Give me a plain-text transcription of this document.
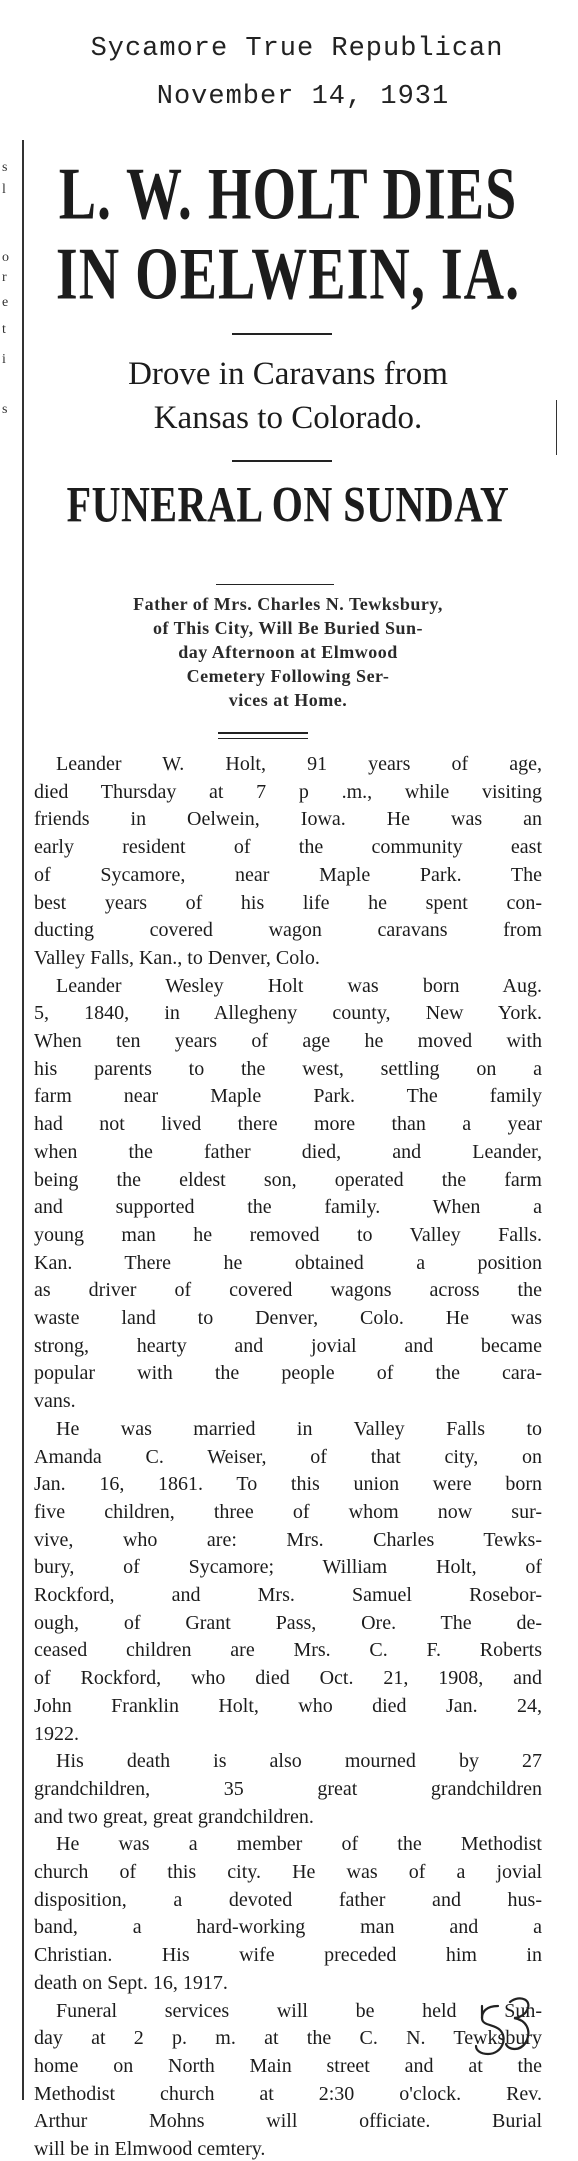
Sycamore True Republican
November 14, 1931
s
l
o
r
e
t
i
s
L. W. HOLT DIES
IN OELWEIN, IA.
Drove in Caravans from
Kansas to Colorado.
FUNERAL ON SUNDAY
Father of Mrs. Charles N. Tewksbury,
of This City, Will Be Buried Sun-
day Afternoon at Elmwood
Cemetery Following Ser-
vices at Home.
Leander W. Holt, 91 years of age,
died Thursday at 7 p .m., while visiting
friends in Oelwein, Iowa. He was an
early resident of the community east
of Sycamore, near Maple Park. The
best years of his life he spent con-
ducting covered wagon caravans from
Valley Falls, Kan., to Denver, Colo.
Leander Wesley Holt was born Aug.
5, 1840, in Allegheny county, New York.
When ten years of age he moved with
his parents to the west, settling on a
farm near Maple Park. The family
had not lived there more than a year
when the father died, and Leander,
being the eldest son, operated the farm
and supported the family. When a
young man he removed to Valley Falls.
Kan. There he obtained a position
as driver of covered wagons across the
waste land to Denver, Colo. He was
strong, hearty and jovial and became
popular with the people of the cara-
vans.
He was married in Valley Falls to
Amanda C. Weiser, of that city, on
Jan. 16, 1861. To this union were born
five children, three of whom now sur-
vive, who are: Mrs. Charles Tewks-
bury, of Sycamore; William Holt, of
Rockford, and Mrs. Samuel Rosebor-
ough, of Grant Pass, Ore. The de-
ceased children are Mrs. C. F. Roberts
of Rockford, who died Oct. 21, 1908, and
John Franklin Holt, who died Jan. 24,
1922.
His death is also mourned by 27
grandchildren, 35 great grandchildren
and two great, great grandchildren.
He was a member of the Methodist
church of this city. He was of a jovial
disposition, a devoted father and hus-
band, a hard-working man and a
Christian. His wife preceded him in
death on Sept. 16, 1917.
Funeral services will be held Sun-
day at 2 p. m. at the C. N. Tewksbury
home on North Main street and at the
Methodist church at 2:30 o'clock. Rev.
Arthur Mohns will officiate. Burial
will be in Elmwood cemtery.
